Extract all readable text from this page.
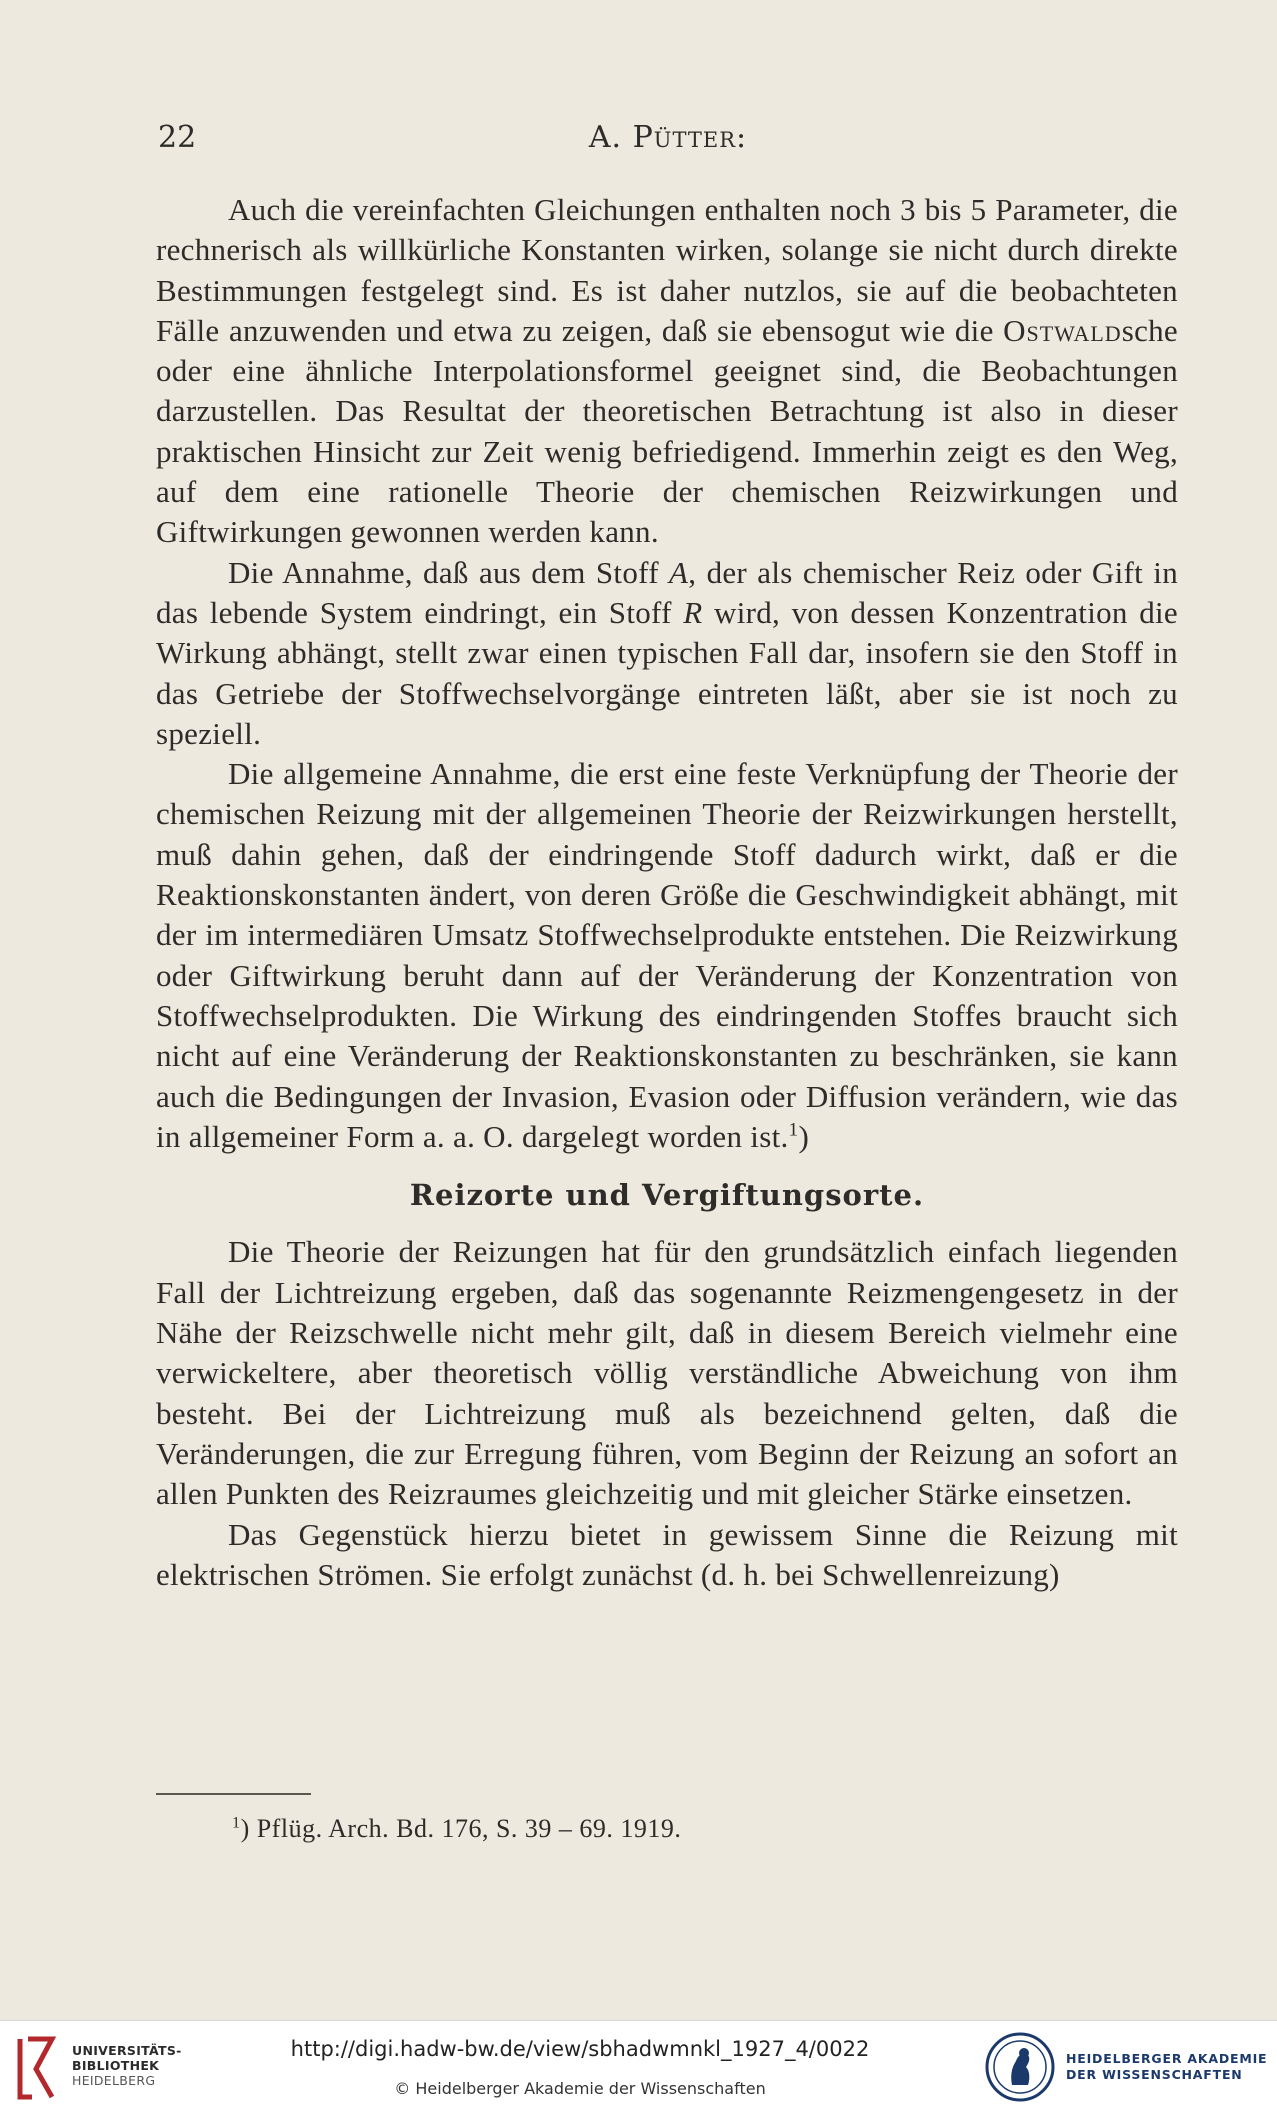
22	A. Pütter:

Auch die vereinfachten Gleichungen enthalten noch 3 bis 5 Parameter, die rechnerisch als willkürliche Konstanten wirken, solange sie nicht durch direkte Bestimmungen festgelegt sind. Es ist daher nutzlos, sie auf die beobachteten Fälle anzuwenden und etwa zu zeigen, daß sie ebensogut wie die Ostwaldsche oder eine ähnliche Interpolationsformel geeignet sind, die Beobachtungen darzustellen. Das Resultat der theoretischen Betrachtung ist also in dieser praktischen Hinsicht zur Zeit wenig befriedigend. Immerhin zeigt es den Weg, auf dem eine rationelle Theorie der chemischen Reizwirkungen und Giftwirkungen gewonnen werden kann.

Die Annahme, daß aus dem Stoff A, der als chemischer Reiz oder Gift in das lebende System eindringt, ein Stoff R wird, von dessen Konzentration die Wirkung abhängt, stellt zwar einen typischen Fall dar, insofern sie den Stoff in das Getriebe der Stoffwechselvorgänge eintreten läßt, aber sie ist noch zu speziell.

Die allgemeine Annahme, die erst eine feste Verknüpfung der Theorie der chemischen Reizung mit der allgemeinen Theorie der Reizwirkungen herstellt, muß dahin gehen, daß der eindringende Stoff dadurch wirkt, daß er die Reaktionskonstanten ändert, von deren Größe die Geschwindigkeit abhängt, mit der im intermediären Umsatz Stoffwechselprodukte entstehen. Die Reizwirkung oder Giftwirkung beruht dann auf der Veränderung der Konzentration von Stoffwechselprodukten. Die Wirkung des eindringenden Stoffes braucht sich nicht auf eine Veränderung der Reaktionskonstanten zu beschränken, sie kann auch die Bedingungen der Invasion, Evasion oder Diffusion verändern, wie das in allgemeiner Form a. a. O. dargelegt worden ist.$^1$)

Reizorte und Vergiftungsorte.

Die Theorie der Reizungen hat für den grundsätzlich einfach liegenden Fall der Lichtreizung ergeben, daß das sogenannte Reizmengengesetz in der Nähe der Reizschwelle nicht mehr gilt, daß in diesem Bereich vielmehr eine verwickeltere, aber theoretisch völlig verständliche Abweichung von ihm besteht. Bei der Lichtreizung muß als bezeichnend gelten, daß die Veränderungen, die zur Erregung führen, vom Beginn der Reizung an sofort an allen Punkten des Reizraumes gleichzeitig und mit gleicher Stärke einsetzen.

Das Gegenstück hierzu bietet in gewissem Sinne die Reizung mit elektrischen Strömen. Sie erfolgt zunächst (d. h. bei Schwellenreizung)

$^1$) Pflüg. Arch. Bd. 176, S. 39 – 69. 1919.
UNIVERSITÄTS-
BIBLIOTHEK
HEIDELBERG
http://digi.hadw-bw.de/view/sbhadwmnkl_1927_4/0022
© Heidelberger Akademie der Wissenschaften
HEIDELBERGER AKADEMIE
DER WISSENSCHAFTEN
